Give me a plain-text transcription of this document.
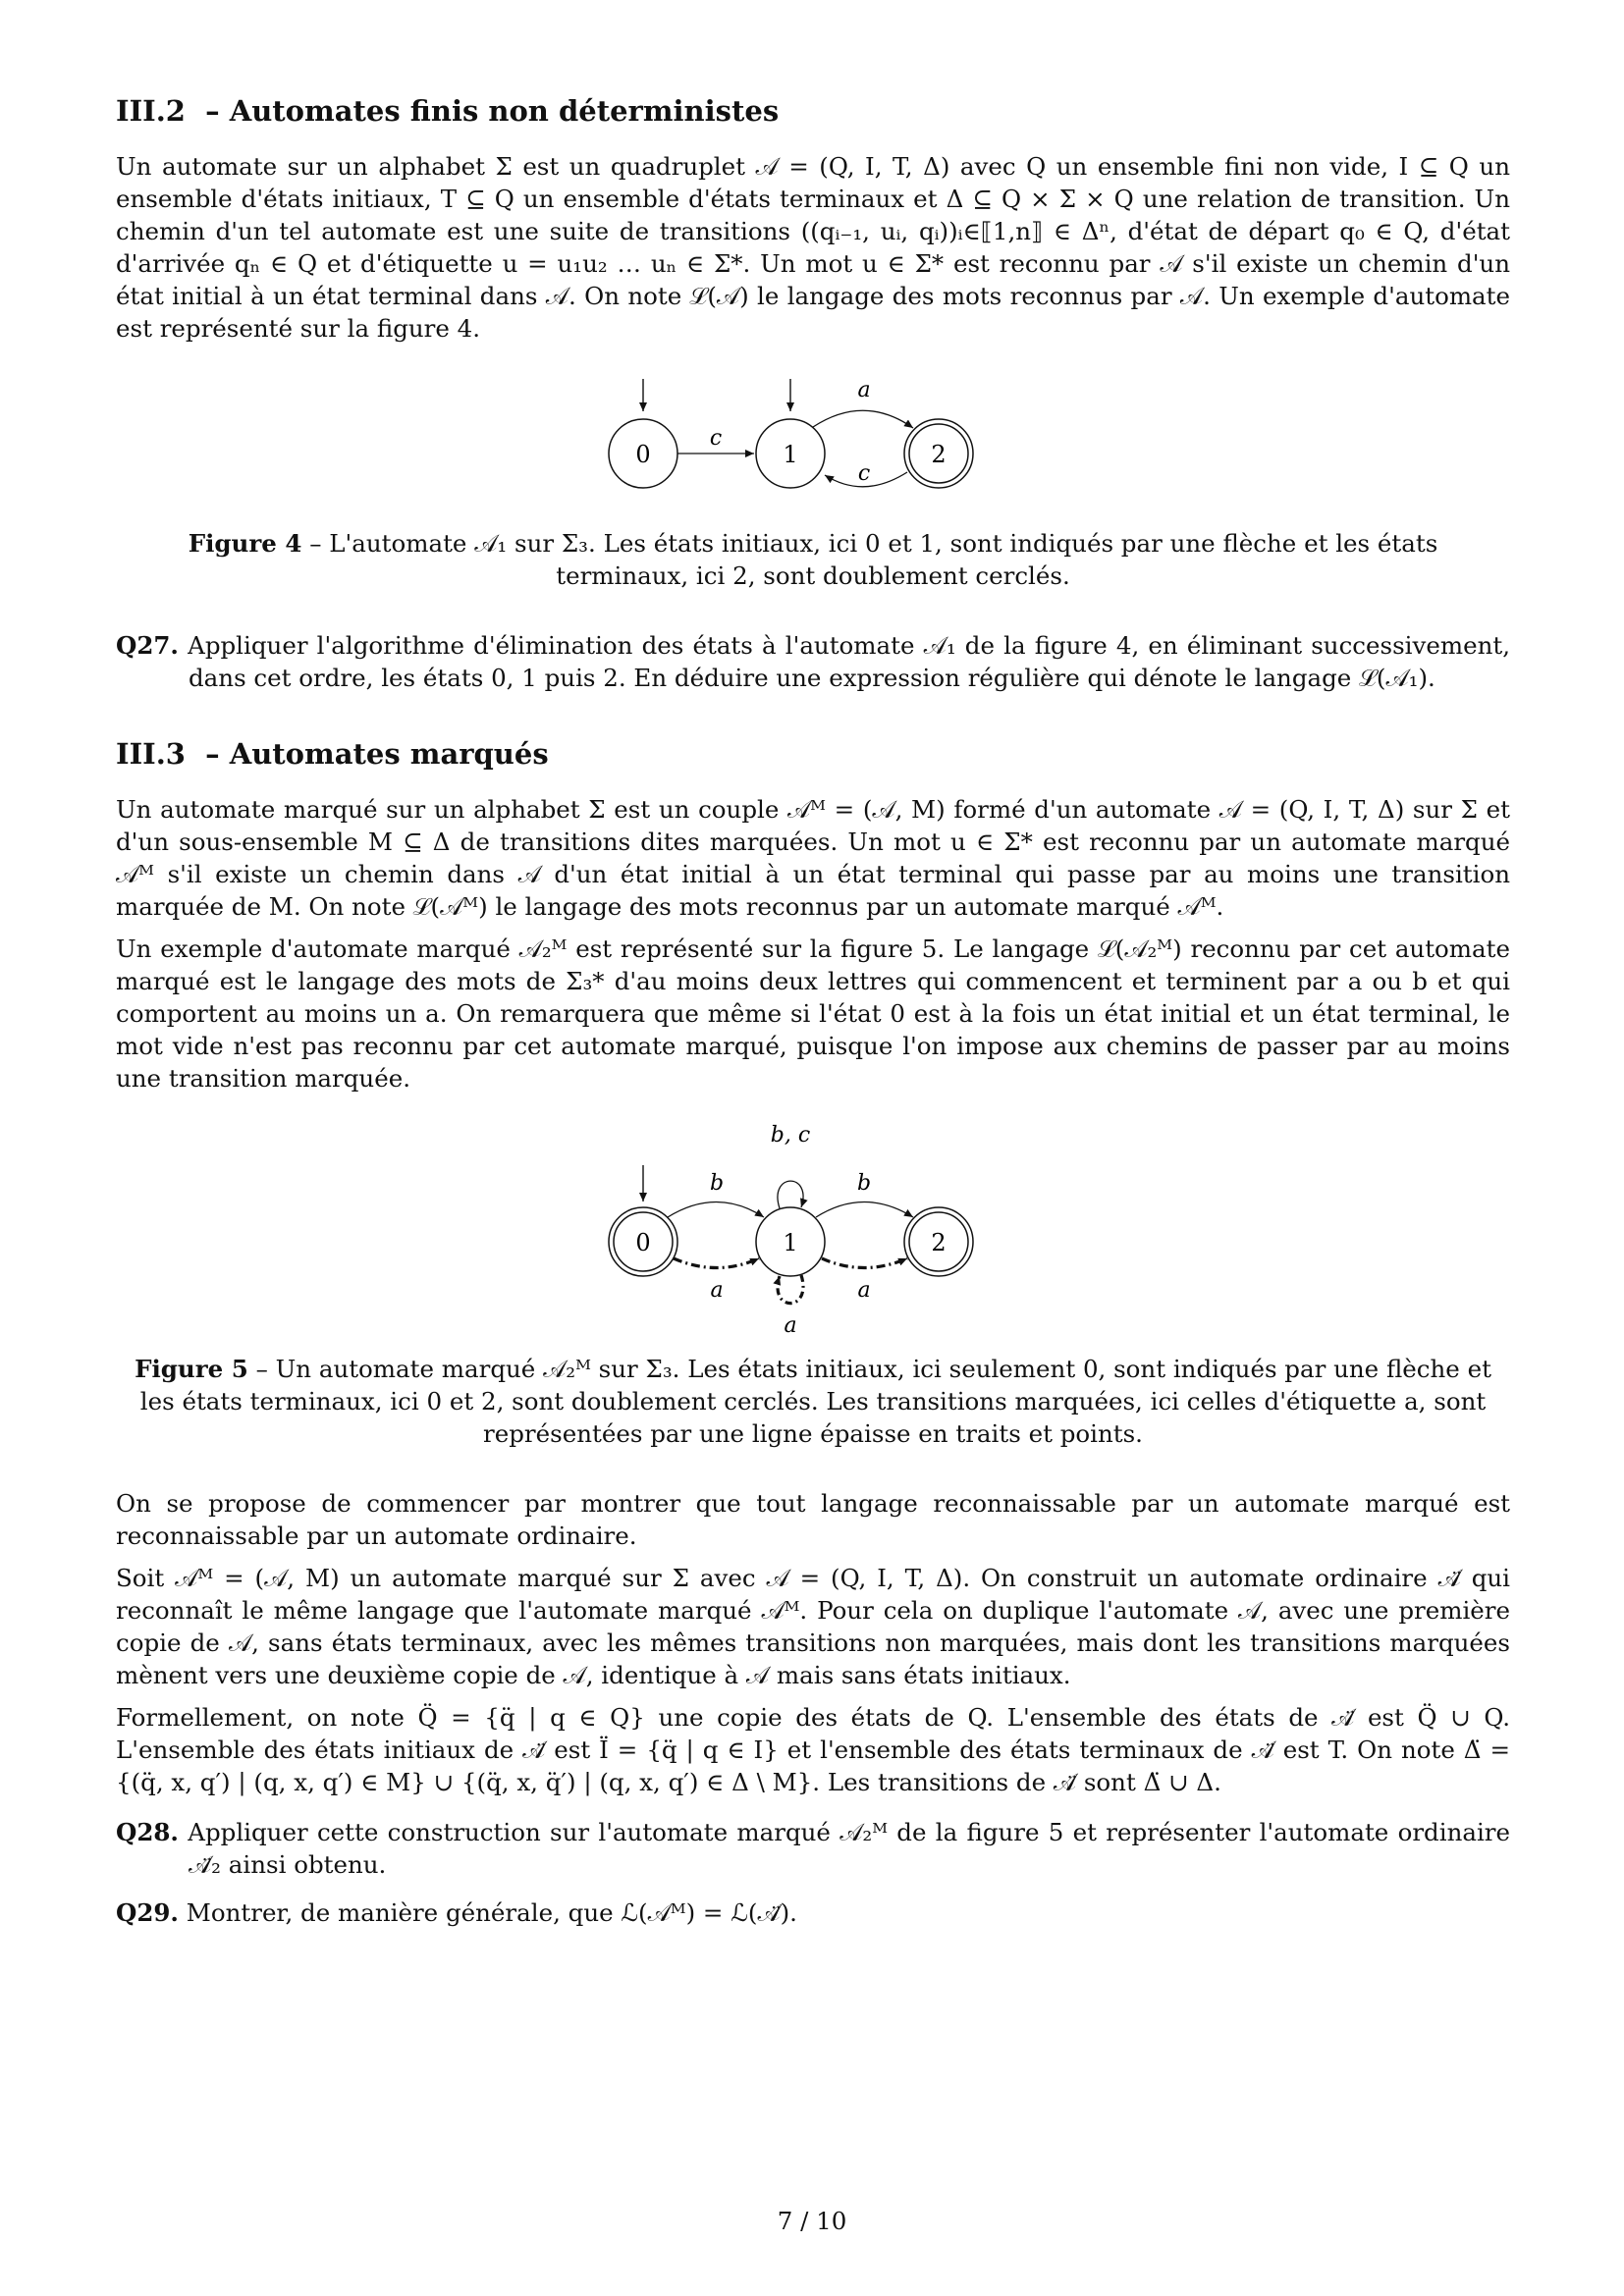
III.2 – Automates finis non déterministes

Un automate sur un alphabet Σ est un quadruplet 𝒜 = (Q, I, T, Δ) avec Q un ensemble fini non vide, I ⊆ Q un ensemble d'états initiaux, T ⊆ Q un ensemble d'états terminaux et Δ ⊆ Q × Σ × Q une relation de transition. Un chemin d'un tel automate est une suite de transitions ((qᵢ₋₁, uᵢ, qᵢ))ᵢ∈⟦1,n⟧ ∈ Δⁿ, d'état de départ q₀ ∈ Q, d'état d'arrivée qₙ ∈ Q et d'étiquette u = u₁u₂ … uₙ ∈ Σ*. Un mot u ∈ Σ* est reconnu par 𝒜 s'il existe un chemin d'un état initial à un état terminal dans 𝒜. On note ℒ(𝒜) le langage des mots reconnus par 𝒜. Un exemple d'automate est représenté sur la figure 4.

0	1	2
c
a
c

Figure 4 – L'automate 𝒜₁ sur Σ₃. Les états initiaux, ici 0 et 1, sont indiqués par une flèche et les états terminaux, ici 2, sont doublement cerclés.

Q27. Appliquer l'algorithme d'élimination des états à l'automate 𝒜₁ de la figure 4, en éliminant successivement, dans cet ordre, les états 0, 1 puis 2. En déduire une expression régulière qui dénote le langage ℒ(𝒜₁).

III.3 – Automates marqués

Un automate marqué sur un alphabet Σ est un couple 𝒜ᴹ = (𝒜, M) formé d'un automate 𝒜 = (Q, I, T, Δ) sur Σ et d'un sous-ensemble M ⊆ Δ de transitions dites marquées. Un mot u ∈ Σ* est reconnu par un automate marqué 𝒜ᴹ s'il existe un chemin dans 𝒜 d'un état initial à un état terminal qui passe par au moins une transition marquée de M. On note ℒ(𝒜ᴹ) le langage des mots reconnus par un automate marqué 𝒜ᴹ.

Un exemple d'automate marqué 𝒜₂ᴹ est représenté sur la figure 5. Le langage ℒ(𝒜₂ᴹ) reconnu par cet automate marqué est le langage des mots de Σ₃* d'au moins deux lettres qui commencent et terminent par a ou b et qui comportent au moins un a. On remarquera que même si l'état 0 est à la fois un état initial et un état terminal, le mot vide n'est pas reconnu par cet automate marqué, puisque l'on impose aux chemins de passer par au moins une transition marquée.

0	1	2
b, c
b	b
a	a
a

Figure 5 – Un automate marqué 𝒜₂ᴹ sur Σ₃. Les états initiaux, ici seulement 0, sont indiqués par une flèche et les états terminaux, ici 0 et 2, sont doublement cerclés. Les transitions marquées, ici celles d'étiquette a, sont représentées par une ligne épaisse en traits et points.

On se propose de commencer par montrer que tout langage reconnaissable par un automate marqué est reconnaissable par un automate ordinaire.

Soit 𝒜ᴹ = (𝒜, M) un automate marqué sur Σ avec 𝒜 = (Q, I, T, Δ). On construit un automate ordinaire 𝒜̈ qui reconnaît le même langage que l'automate marqué 𝒜ᴹ. Pour cela on duplique l'automate 𝒜, avec une première copie de 𝒜, sans états terminaux, avec les mêmes transitions non marquées, mais dont les transitions marquées mènent vers une deuxième copie de 𝒜, identique à 𝒜 mais sans états initiaux.

Formellement, on note Q̈ = {q̈ | q ∈ Q} une copie des états de Q. L'ensemble des états de 𝒜̈ est Q̈ ∪ Q. L'ensemble des états initiaux de 𝒜̈ est Ï = {q̈ | q ∈ I} et l'ensemble des états terminaux de 𝒜̈ est T. On note Δ̈ = {(q̈, x, q′) | (q, x, q′) ∈ M} ∪ {(q̈, x, q̈′) | (q, x, q′) ∈ Δ \ M}. Les transitions de 𝒜̈ sont Δ̈ ∪ Δ.

Q28. Appliquer cette construction sur l'automate marqué 𝒜₂ᴹ de la figure 5 et représenter l'automate ordinaire 𝒜̈₂ ainsi obtenu.

Q29. Montrer, de manière générale, que ℒ(𝒜ᴹ) = ℒ(𝒜̈).

7 / 10
